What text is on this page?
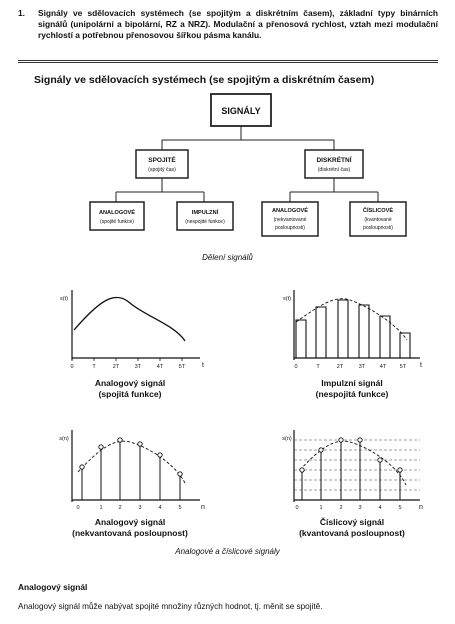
1. Signály ve sdělovacích systémech (se spojitým a diskrétním časem), základní typy binárních signálů (unipolární a bipolární, RZ a NRZ). Modulační a přenosová rychlost, vztah mezi modulační rychlostí a potřebnou přenosovou šířkou pásma kanálu.
Signály ve sdělovacích systémech (se spojitým a diskrétním časem)
SIGNÁLY
SPOJITÉ
(spojitý čas)
DISKRÉTNÍ
(diskrétní čas)
ANALOGOVÉ
(spojité funkce)
IMPULZNÍ
(nespojité funkce)
ANALOGOVÉ
(nekvantované
posloupnosti)
ČÍSLICOVÉ
(kvantované
posloupnosti)
s(t)
t
0	T	2T	3T	4T	5T
Analogový signál
(spojitá funkce)
s(t)
t
0	T	2T	3T	4T 5T
Impulzní signál
(nespojitá funkce)
s(n)
n
0	1	2	3	4	5
Analogový signál
(nekvantovaná posloupnost)
s(n)
n
0	1	2	3	4	5
Číslicový signál
(kvantovaná posloupnost)
Dělení signálů
Analogové a číslicové signály
Analogový signál
Analogový signál může nabývat spojité množiny různých hodnot, tj. měnit se spojitě.
